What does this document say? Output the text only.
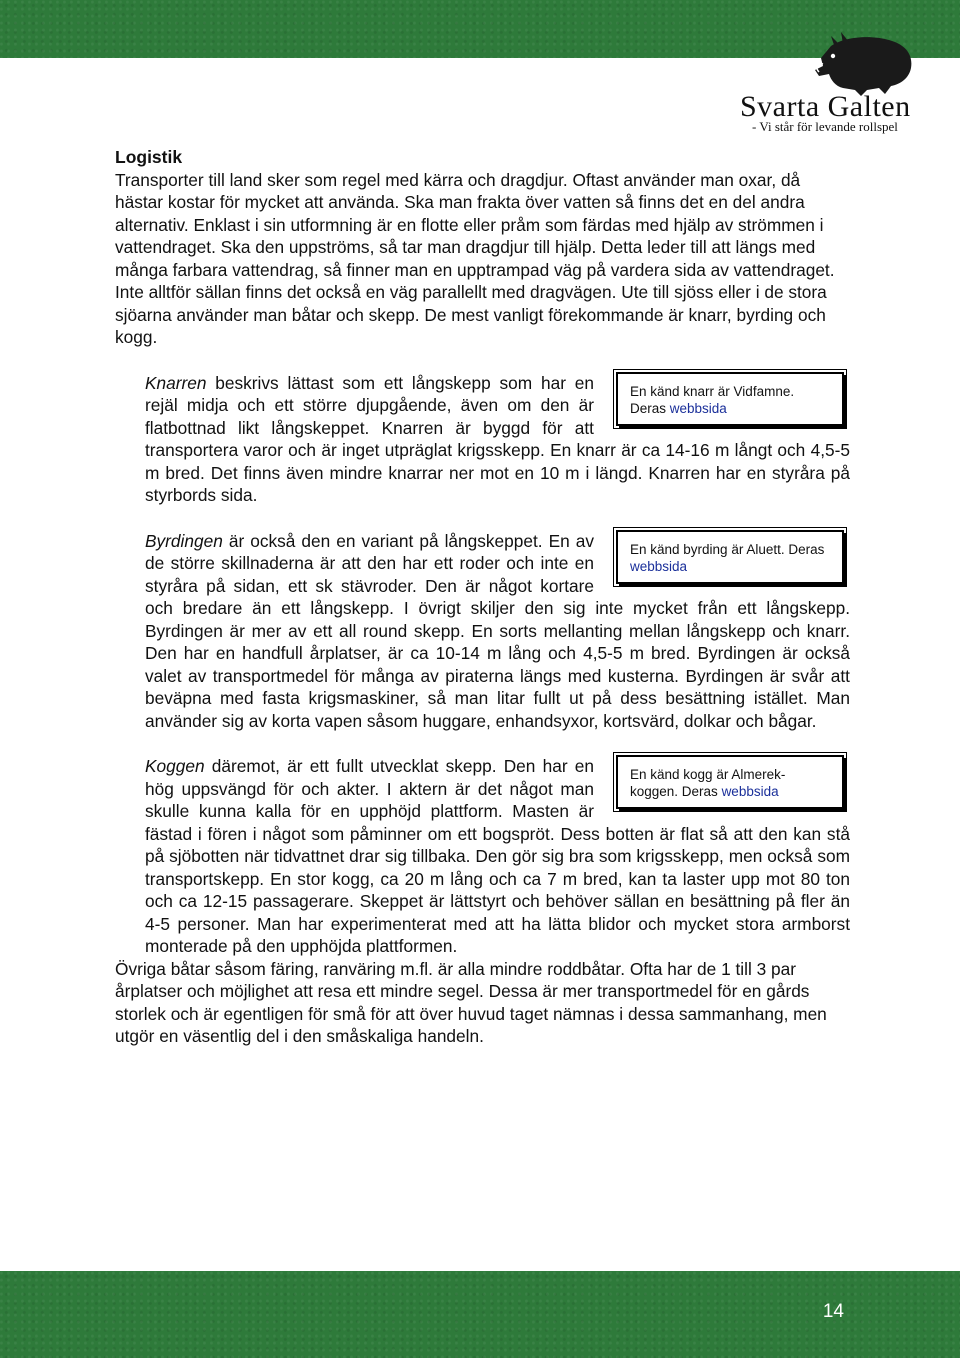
Svarta Galten
- Vi står för levande rollspel
Logistik

Transporter till land sker som regel med kärra och dragdjur. Oftast använder man oxar, då hästar kostar för mycket att använda. Ska man frakta över vatten så finns det en del andra alternativ. Enklast i sin utformning är en flotte eller pråm som färdas med hjälp av strömmen i vattendraget. Ska den uppströms, så tar man dragdjur till hjälp. Detta leder till att längs med många farbara vattendrag, så finner man en upptrampad väg på vardera sida av vattendraget. Inte alltför sällan finns det också en väg parallellt med dragvägen. Ute till sjöss eller i de stora sjöarna använder man båtar och skepp. De mest vanligt förekommande är knarr, byrding och kogg.

En känd knarr är Vidfamne. Deras webbsida

Knarren beskrivs lättast som ett långskepp som har en rejäl midja och ett större djupgående, även om den är flatbottnad likt långskeppet. Knarren är byggd för att transportera varor och är inget utpräglat krigsskepp. En knarr är ca 14-16 m långt och 4,5-5 m bred. Det finns även mindre knarrar ner mot en 10 m i längd. Knarren har en styråra på styrbords sida.

En känd byrding är Aluett. Deras webbsida

Byrdingen är också den en variant på långskeppet. En av de större skillnaderna är att den har ett roder och inte en styråra på sidan, ett sk stävroder. Den är något kortare och bredare än ett långskepp. I övrigt skiljer den sig inte mycket från ett långskepp. Byrdingen är mer av ett all round skepp. En sorts mellanting mellan långskepp och knarr. Den har en handfull årplatser, är ca 10-14 m lång och 4,5-5 m bred. Byrdingen är också valet av transportmedel för många av piraterna längs med kusterna. Byrdingen är svår att beväpna med fasta krigsmaskiner, så man litar fullt ut på dess besättning istället. Man använder sig av korta vapen såsom huggare, enhandsyxor, kortsvärd, dolkar och bågar.

En känd kogg är Almerek-koggen. Deras webbsida

Koggen däremot, är ett fullt utvecklat skepp. Den har en hög uppsvängd för och akter. I aktern är det något man skulle kunna kalla för en upphöjd plattform. Masten är fästad i fören i något som påminner om ett bogspröt. Dess botten är flat så att den kan stå på sjöbotten när tidvattnet drar sig tillbaka. Den gör sig bra som krigsskepp, men också som transportskepp. En stor kogg, ca 20 m lång och ca 7 m bred, kan ta laster upp mot 80 ton och ca 12-15 passagerare. Skeppet är lättstyrt och behöver sällan en besättning på fler än 4-5 personer. Man har experimenterat med att ha lätta blidor och mycket stora armborst monterade på den upphöjda plattformen.

Övriga båtar såsom färing, ranväring m.fl. är alla mindre roddbåtar. Ofta har de 1 till 3 par årplatser och möjlighet att resa ett mindre segel. Dessa är mer transportmedel för en gårds storlek och är egentligen för små för att över huvud taget nämnas i dessa sammanhang, men utgör en väsentlig del i den småskaliga handeln.

14
